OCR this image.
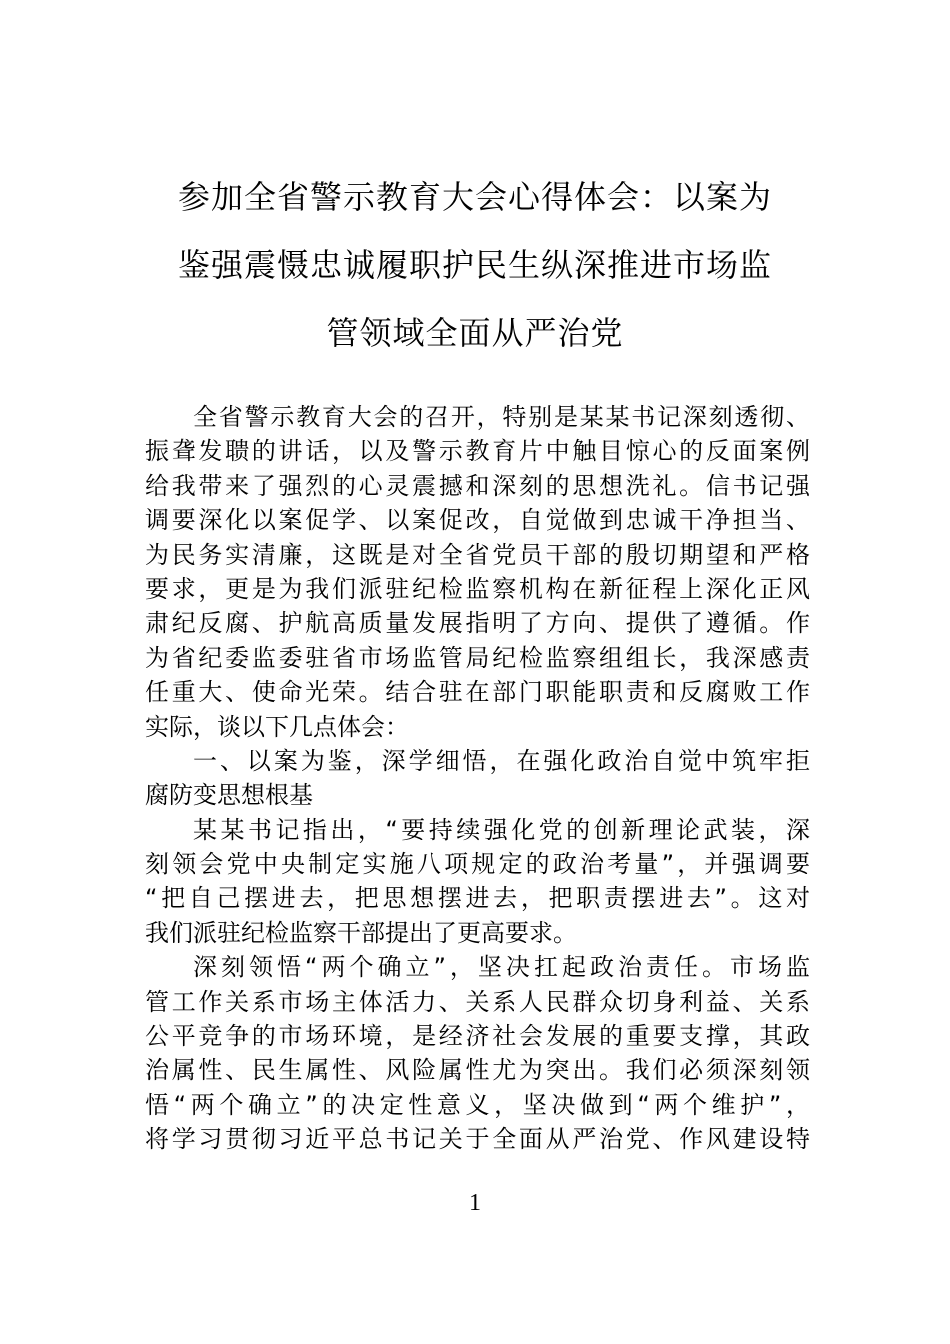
参加全省警示教育大会心得体会：以案为
鉴强震慑忠诚履职护民生纵深推进市场监
管领域全面从严治党
全省警示教育大会的召开，特别是某某书记深刻透彻、
振聋发聩的讲话，以及警示教育片中触目惊心的反面案例
给我带来了强烈的心灵震撼和深刻的思想洗礼。信书记强
调要深化以案促学、以案促改，自觉做到忠诚干净担当、
为民务实清廉，这既是对全省党员干部的殷切期望和严格
要求，更是为我们派驻纪检监察机构在新征程上深化正风
肃纪反腐、护航高质量发展指明了方向、提供了遵循。作
为省纪委监委驻省市场监管局纪检监察组组长，我深感责
任重大、使命光荣。结合驻在部门职能职责和反腐败工作
实际，谈以下几点体会：
一、以案为鉴，深学细悟，在强化政治自觉中筑牢拒
腐防变思想根基
某某书记指出，“要持续强化党的创新理论武装，深
刻领会党中央制定实施八项规定的政治考量”，并强调要
“把自己摆进去，把思想摆进去，把职责摆进去”。这对
我们派驻纪检监察干部提出了更高要求。
深刻领悟“两个确立”，坚决扛起政治责任。市场监
管工作关系市场主体活力、关系人民群众切身利益、关系
公平竞争的市场环境，是经济社会发展的重要支撑，其政
治属性、民生属性、风险属性尤为突出。我们必须深刻领
悟“两个确立”的决定性意义，坚决做到“两个维护”，
将学习贯彻习近平总书记关于全面从严治党、作风建设特
1
